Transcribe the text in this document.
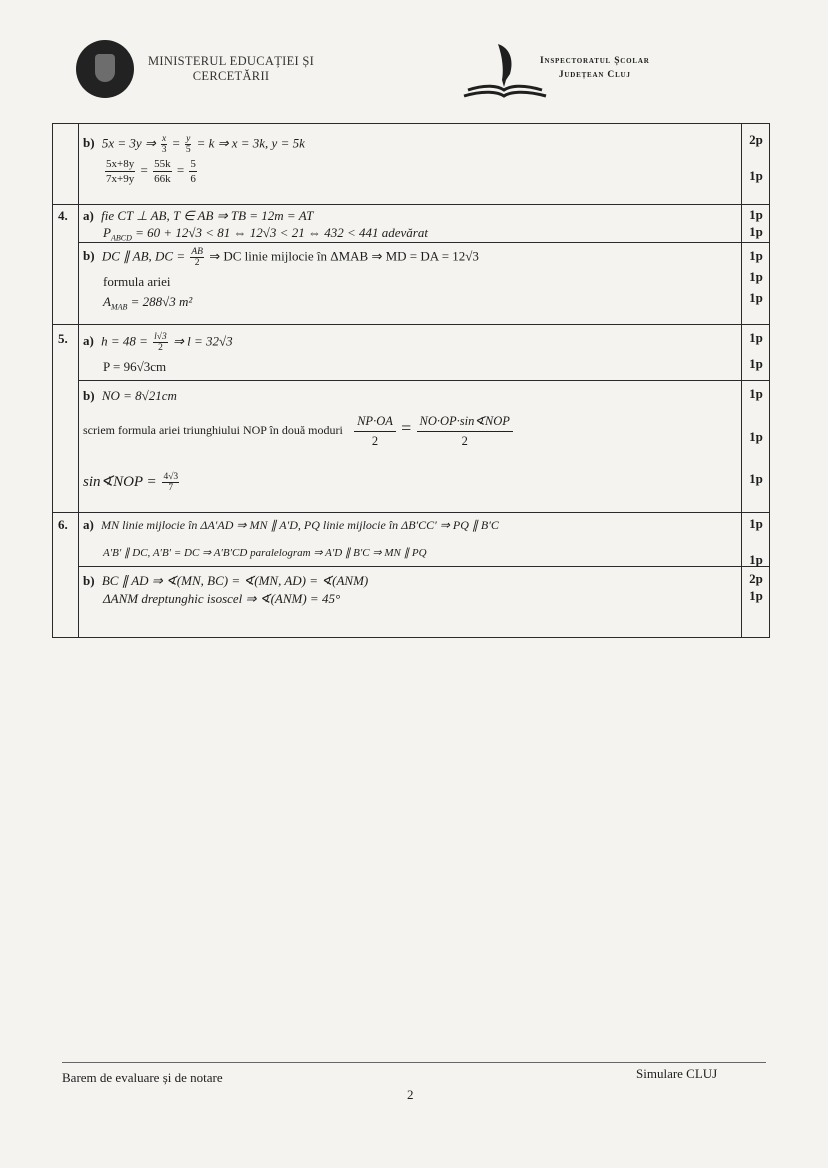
MINISTERUL EDUCAȚIEI ȘI
CERCETĂRII
Inspectoratul Școlar
Județean Cluj
b) 5x = 3y ⇒ $\frac{x}{3} = \frac{y}{5} = k$ ⇒ x = 3k, y = 5k
$\frac{5x+8y}{7x+9y} = \frac{55k}{66k} = \frac{5}{6}$
2p
1p
4. a) fie CT ⊥ AB, T ∈ AB ⇒ TB = 12m = AT
$P_{ABCD} = 60 + 12√3 < 81$ ⇔ 12√3 < 21 ⇔ 432 < 441 adevărat
1p
1p
b) DC ∥ AB, DC = $\frac{AB}{2}$ ⇒ DC linie mijlocie în ΔMAB ⇒ MD = DA = 12√3
formula ariei
$A_{MAB} = 288√3$ m²
1p
1p
1p
5. a) $h = 48 = \frac{l√3}{2}$ ⇒ l = 32√3
P = 96√3cm
1p
1p
b) NO = 8√21cm
scriem formula ariei triunghiului NOP în două moduri $\frac{NP\cdot OA}{2} = \frac{\text{NO·OP·sin∢NOP}}{2}$
sin∢NOP = $\frac{4√3}{7}$
1p
1p
1p
6. a) MN linie mijlocie în ΔA′AD ⇒ MN ∥ A′D, PQ linie mijlocie în ΔB′CC′ ⇒ PQ ∥ B′C
A′B′ ∥ DC, A′B′ = DC ⇒ A′B′CD paralelogram ⇒ A′D ∥ B′C ⇒ MN ∥ PQ
1p
1p
b) BC ∥ AD ⇒ ∢(MN, BC) = ∢(MN, AD) = ∢(ANM)
ΔANM dreptunghic isoscel ⇒ ∢(ANM) = 45°
2p
1p
Barem de evaluare și de notare	Simulare CLUJ
2
